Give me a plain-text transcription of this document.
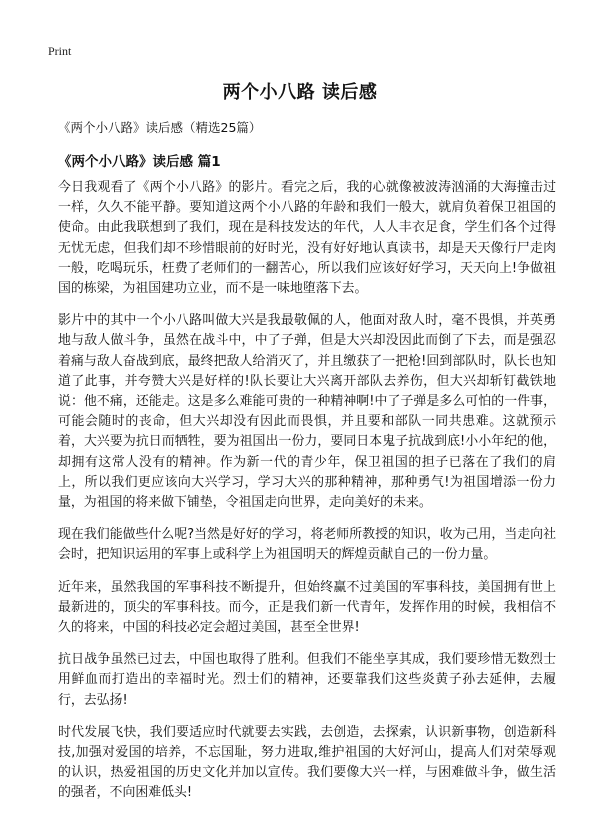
Print
两个小八路 读后感

《两个小八路》读后感（精选25篇）

《两个小八路》读后感 篇1

今日我观看了《两个小八路》的影片。看完之后，我的心就像被波涛汹涌的大海撞击过一样，久久不能平静。要知道这两个小八路的年龄和我们一般大，就肩负着保卫祖国的使命。由此我联想到了我们，现在是科技发达的年代，人人丰衣足食，学生们各个过得无忧无虑，但我们却不珍惜眼前的好时光，没有好好地认真读书，却是天天像行尸走肉一般，吃喝玩乐，枉费了老师们的一翻苦心，所以我们应该好好学习，天天向上!争做祖国的栋梁，为祖国建功立业，而不是一味地堕落下去。

影片中的其中一个小八路叫做大兴是我最敬佩的人，他面对敌人时，毫不畏惧，并英勇地与敌人做斗争，虽然在战斗中，中了子弹，但是大兴却没因此而倒了下去，而是强忍着痛与敌人奋战到底，最终把敌人给消灭了，并且缴获了一把枪!回到部队时，队长也知道了此事，并夸赞大兴是好样的!队长要让大兴离开部队去养伤，但大兴却斩钉截铁地说：他不痛，还能走。这是多么难能可贵的一种精神啊!中了子弹是多么可怕的一件事，可能会随时的丧命，但大兴却没有因此而畏惧，并且要和部队一同共患难。这就预示着，大兴要为抗日而牺牲，要为祖国出一份力，要同日本鬼子抗战到底!小小年纪的他，却拥有这常人没有的精神。作为新一代的青少年，保卫祖国的担子已落在了我们的肩上，所以我们更应该向大兴学习，学习大兴的那种精神，那种勇气!为祖国增添一份力量，为祖国的将来做下铺垫，令祖国走向世界，走向美好的未来。

现在我们能做些什么呢?当然是好好的学习，将老师所教授的知识，收为己用，当走向社会时，把知识运用的军事上或科学上为祖国明天的辉煌贡献自己的一份力量。

近年来，虽然我国的军事科技不断提升，但始终赢不过美国的军事科技，美国拥有世上最新进的，顶尖的军事科技。而今，正是我们新一代青年，发挥作用的时候，我相信不久的将来，中国的科技必定会超过美国，甚至全世界!

抗日战争虽然已过去，中国也取得了胜利。但我们不能坐享其成，我们要珍惜无数烈士用鲜血而打造出的幸福时光。烈士们的精神，还要靠我们这些炎黄子孙去延伸，去履行，去弘扬!

时代发展飞快，我们要适应时代就要去实践，去创造，去探索，认识新事物，创造新科技,加强对爱国的培养，不忘国耻，努力进取,维护祖国的大好河山，提高人们对荣辱观的认识，热爱祖国的历史文化并加以宣传。我们要像大兴一样，与困难做斗争，做生活的强者，不向困难低头!
